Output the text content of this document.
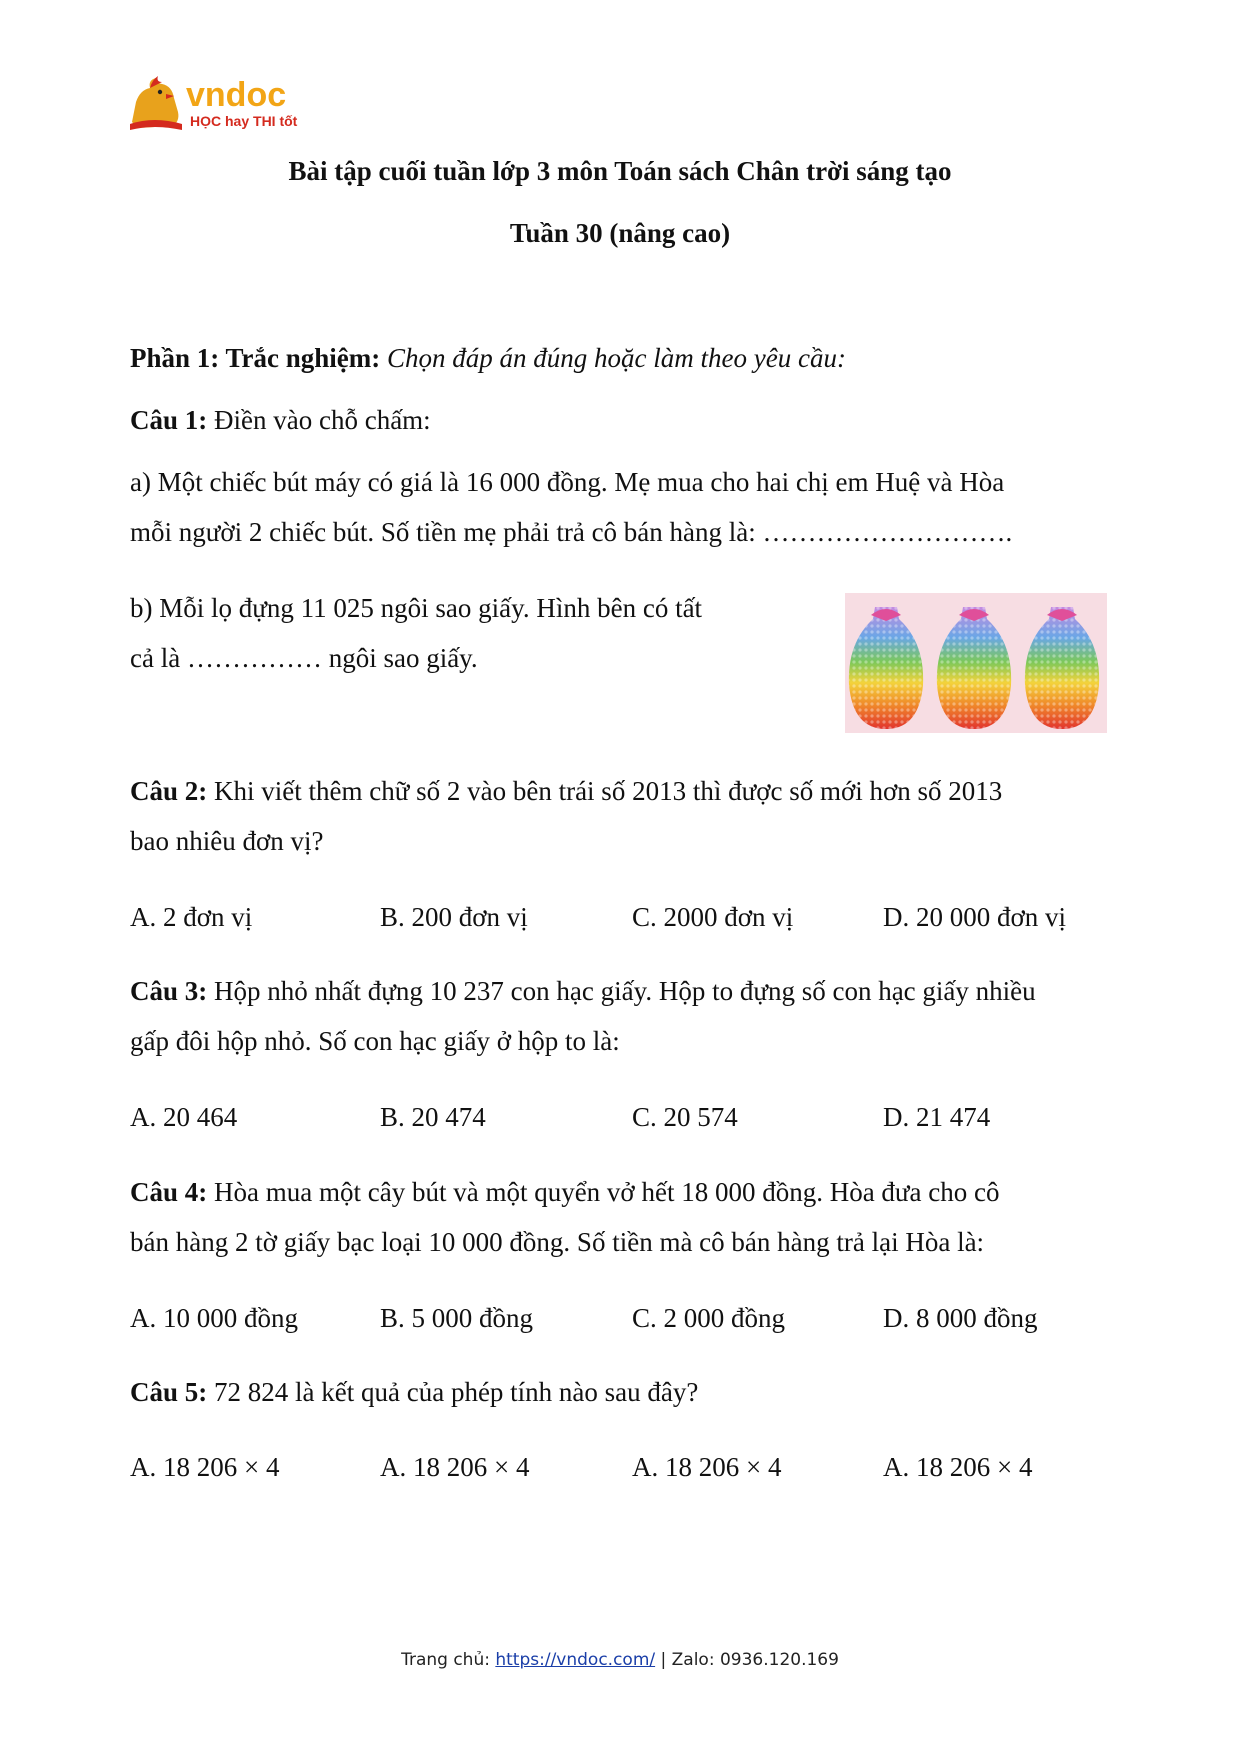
vndoc
HỌC hay THI tốt
Bài tập cuối tuần lớp 3 môn Toán sách Chân trời sáng tạo
Tuần 30 (nâng cao)
Phần 1: Trắc nghiệm: Chọn đáp án đúng hoặc làm theo yêu cầu:
Câu 1: Điền vào chỗ chấm:
a) Một chiếc bút máy có giá là 16 000 đồng. Mẹ mua cho hai chị em Huệ và Hòa
mỗi người 2 chiếc bút. Số tiền mẹ phải trả cô bán hàng là: ……………………….
b) Mỗi lọ đựng 11 025 ngôi sao giấy. Hình bên có tất
cả là …………… ngôi sao giấy.
Câu 2: Khi viết thêm chữ số 2 vào bên trái số 2013 thì được số mới hơn số 2013
bao nhiêu đơn vị?
A. 2 đơn vị	B. 200 đơn vị	C. 2000 đơn vị	D. 20 000 đơn vị
Câu 3: Hộp nhỏ nhất đựng 10 237 con hạc giấy. Hộp to đựng số con hạc giấy nhiều
gấp đôi hộp nhỏ. Số con hạc giấy ở hộp to là:
A. 20 464	B. 20 474	C. 20 574	D. 21 474
Câu 4: Hòa mua một cây bút và một quyển vở hết 18 000 đồng. Hòa đưa cho cô
bán hàng 2 tờ giấy bạc loại 10 000 đồng. Số tiền mà cô bán hàng trả lại Hòa là:
A. 10 000 đồng	B. 5 000 đồng	C. 2 000 đồng	D. 8 000 đồng
Câu 5: 72 824 là kết quả của phép tính nào sau đây?
A. 18 206 × 4	A. 18 206 × 4	A. 18 206 × 4	A. 18 206 × 4
Trang chủ: https://vndoc.com/ | Zalo: 0936.120.169
